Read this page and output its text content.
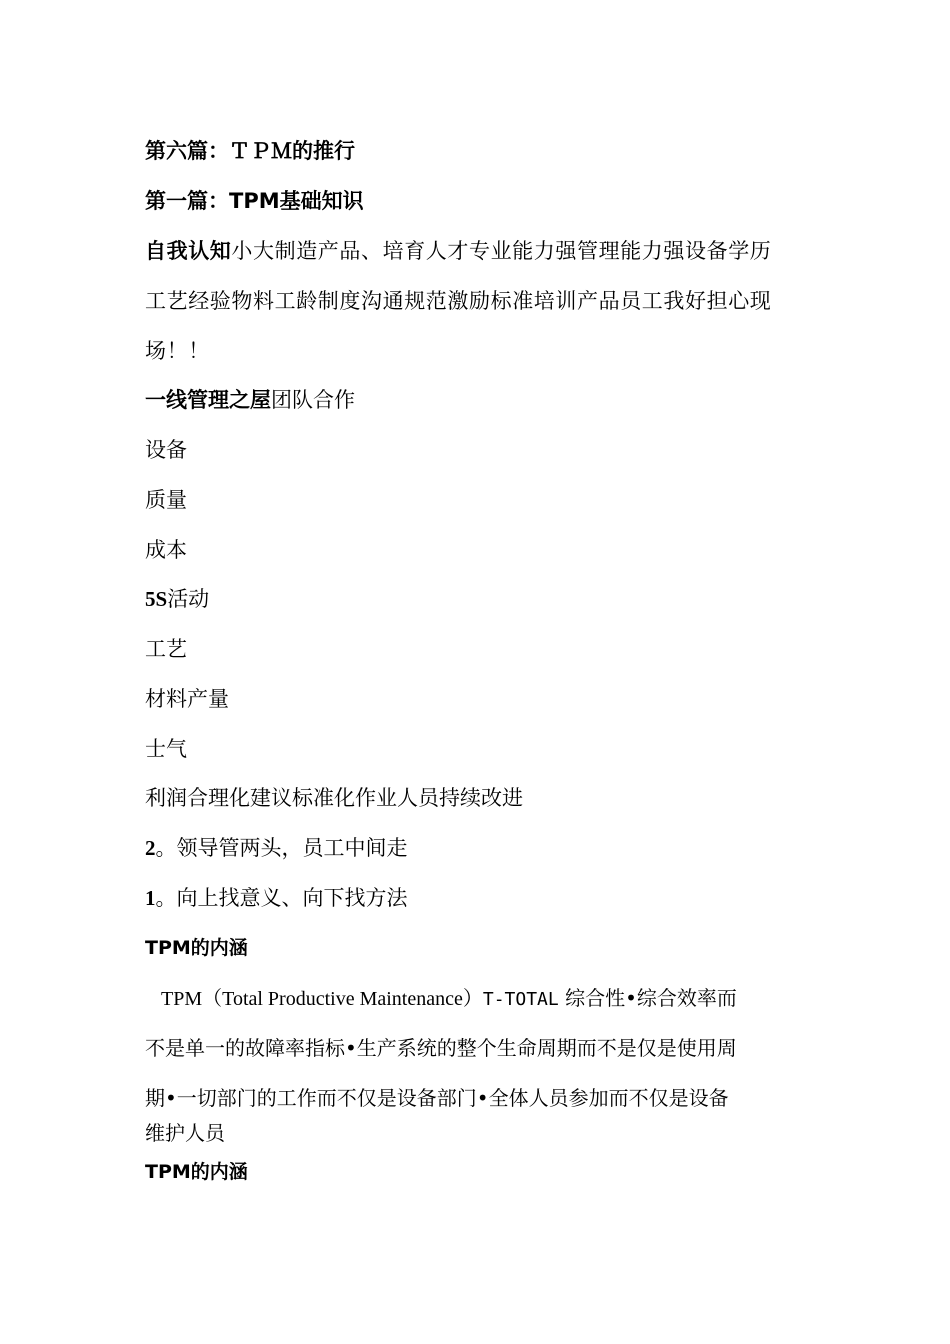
第六篇：ＴＰＭ的推行
第一篇：TPM基础知识
自我认知小大制造产品、培育人才专业能力强管理能力强设备学历
工艺经验物料工龄制度沟通规范激励标准培训产品员工我好担心现
场！！
一线管理之屋团队合作
设备
质量
成本
5S活动
工艺
材料产量
士气
利润合理化建议标准化作业人员持续改进
2。领导管两头，员工中间走
1。向上找意义、向下找方法
TPM的内涵
TPM（Total Productive Maintenance）T-TOTAL 综合性•综合效率而
不是单一的故障率指标•生产系统的整个生命周期而不是仅是使用周
期•一切部门的工作而不仅是设备部门•全体人员参加而不仅是设备
维护人员
TPM的内涵
